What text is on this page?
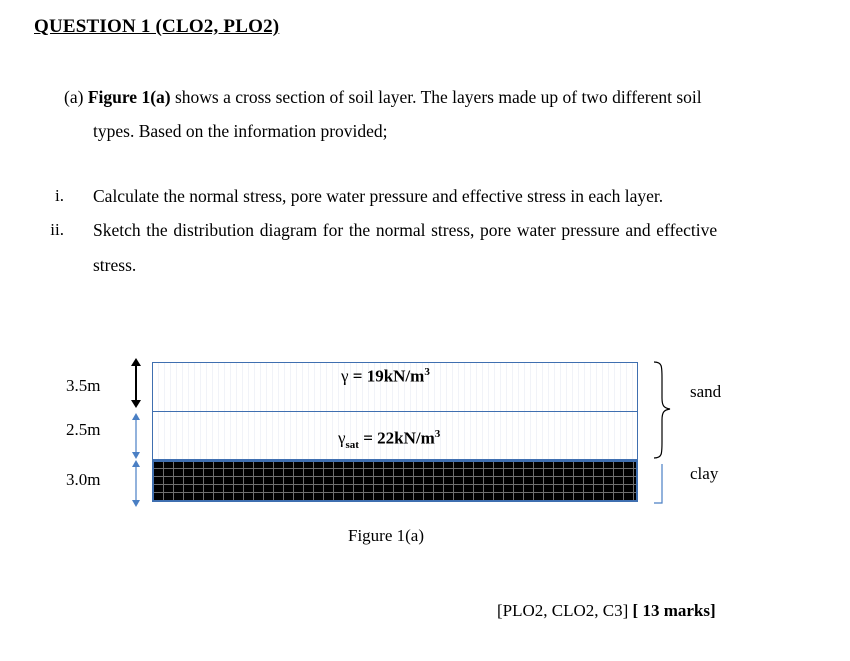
QUESTION 1 (CLO2, PLO2)
(a) Figure 1(a) shows a cross section of soil layer. The layers made up of two different soil
types. Based on the information provided;
i. Calculate the normal stress, pore water pressure and effective stress in each layer.
ii. Sketch the distribution diagram for the normal stress, pore water pressure and effective
stress.
3.5m
2.5m
3.0m
$\gamma = 19kN/m^3$
$\gamma_{sat} = 22kN/m^3$
sand
clay
Figure 1(a)
[PLO2, CLO2, C3] [ 13 marks]
